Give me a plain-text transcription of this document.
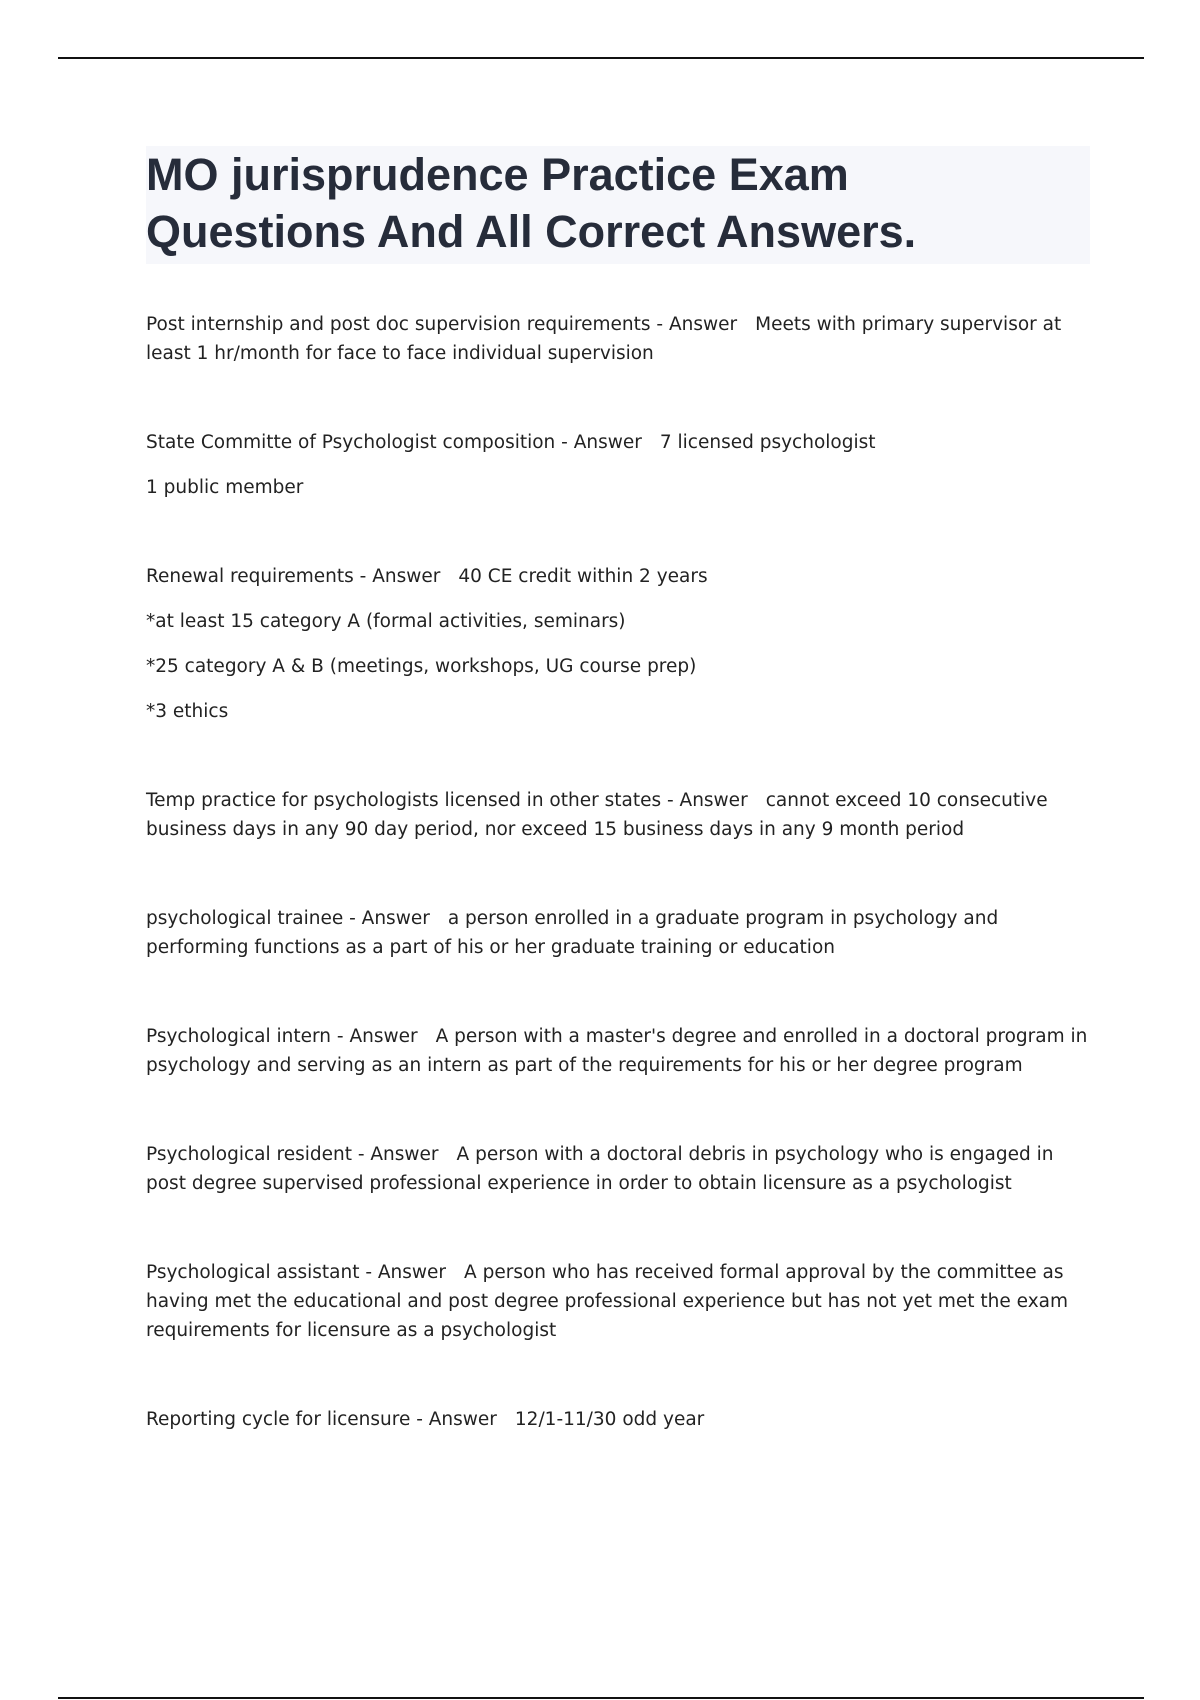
MO jurisprudence Practice Exam
Questions And All Correct Answers.

Post internship and post doc supervision requirements - Answer Meets with primary supervisor at least 1 hr/month for face to face individual supervision

State Committe of Psychologist composition - Answer 7 licensed psychologist

1 public member

Renewal requirements - Answer 40 CE credit within 2 years

*at least 15 category A (formal activities, seminars)

*25 category A & B (meetings, workshops, UG course prep)

*3 ethics

Temp practice for psychologists licensed in other states - Answer cannot exceed 10 consecutive business days in any 90 day period, nor exceed 15 business days in any 9 month period

psychological trainee - Answer a person enrolled in a graduate program in psychology and performing functions as a part of his or her graduate training or education

Psychological intern - Answer A person with a master's degree and enrolled in a doctoral program in psychology and serving as an intern as part of the requirements for his or her degree program

Psychological resident - Answer A person with a doctoral debris in psychology who is engaged in post degree supervised professional experience in order to obtain licensure as a psychologist

Psychological assistant - Answer A person who has received formal approval by the committee as having met the educational and post degree professional experience but has not yet met the exam requirements for licensure as a psychologist

Reporting cycle for licensure - Answer 12/1-11/30 odd year
